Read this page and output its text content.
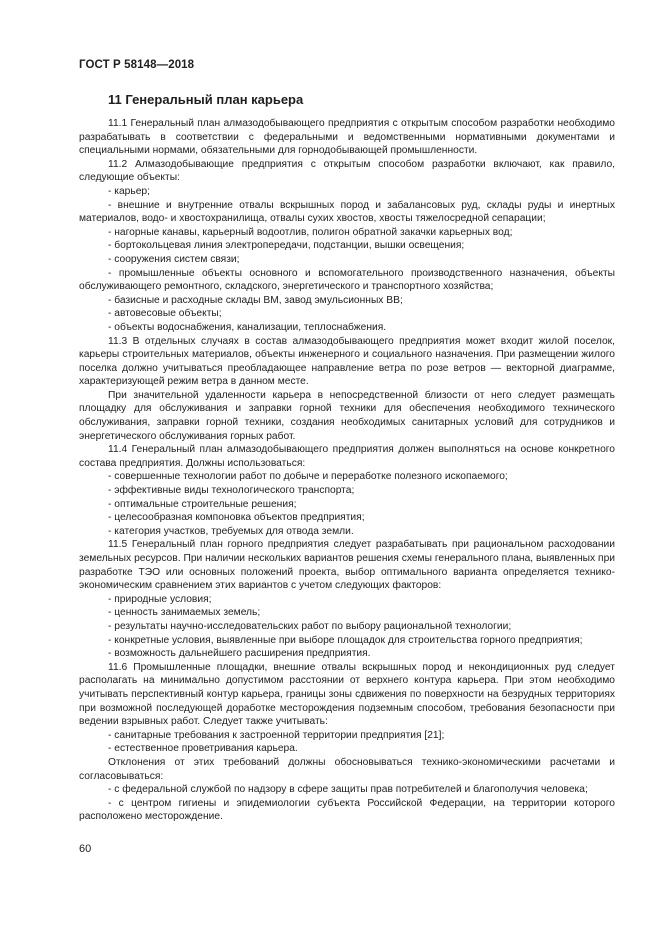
ГОСТ Р 58148—2018
11 Генеральный план карьера

11.1 Генеральный план алмазодобывающего предприятия с открытым способом разработки необходимо разрабатывать в соответствии с федеральными и ведомственными нормативными документами и специальными нормами, обязательными для горнодобывающей промышленности.

11.2 Алмазодобывающие предприятия с открытым способом разработки включают, как правило, следующие объекты:

- карьер;

- внешние и внутренние отвалы вскрышных пород и забалансовых руд, склады руды и инертных материалов, водо- и хвостохранилища, отвалы сухих хвостов, хвосты тяжелосредной сепарации;

- нагорные канавы, карьерный водоотлив, полигон обратной закачки карьерных вод;

- бортокольцевая линия электропередачи, подстанции, вышки освещения;

- сооружения систем связи;

- промышленные объекты основного и вспомогательного производственного назначения, объекты обслуживающего ремонтного, складского, энергетического и транспортного хозяйства;

- базисные и расходные склады ВМ, завод эмульсионных ВВ;

- автовесовые объекты;

- объекты водоснабжения, канализации, теплоснабжения.

11.3 В отдельных случаях в состав алмазодобывающего предприятия может входит жилой поселок, карьеры строительных материалов, объекты инженерного и социального назначения. При размещении жилого поселка должно учитываться преобладающее направление ветра по розе ветров — векторной диаграмме, характеризующей режим ветра в данном месте.

При значительной удаленности карьера в непосредственной близости от него следует размещать площадку для обслуживания и заправки горной техники для обеспечения необходимого технического обслуживания, заправки горной техники, создания необходимых санитарных условий для сотрудников и энергетического обслуживания горных работ.

11.4 Генеральный план алмазодобывающего предприятия должен выполняться на основе конкретного состава предприятия. Должны использоваться:

- совершенные технологии работ по добыче и переработке полезного ископаемого;

- эффективные виды технологического транспорта;

- оптимальные строительные решения;

- целесообразная компоновка объектов предприятия;

- категория участков, требуемых для отвода земли.

11.5 Генеральный план горного предприятия следует разрабатывать при рациональном расходовании земельных ресурсов. При наличии нескольких вариантов решения схемы генерального плана, выявленных при разработке ТЭО или основных положений проекта, выбор оптимального варианта определяется технико-экономическим сравнением этих вариантов с учетом следующих факторов:

- природные условия;

- ценность занимаемых земель;

- результаты научно-исследовательских работ по выбору рациональной технологии;

- конкретные условия, выявленные при выборе площадок для строительства горного предприятия;

- возможность дальнейшего расширения предприятия.

11.6 Промышленные площадки, внешние отвалы вскрышных пород и некондиционных руд следует располагать на минимально допустимом расстоянии от верхнего контура карьера. При этом необходимо учитывать перспективный контур карьера, границы зоны сдвижения по поверхности на безрудных территориях при возможной последующей доработке месторождения подземным способом, требования безопасности при ведении взрывных работ. Следует также учитывать:

- санитарные требования к застроенной территории предприятия [21];

- естественное проветривания карьера.

Отклонения от этих требований должны обосновываться технико-экономическими расчетами и согласовываться:

- с федеральной службой по надзору в сфере защиты прав потребителей и благополучия человека;

- с центром гигиены и эпидемиологии субъекта Российской Федерации, на территории которого расположено месторождение.

60
